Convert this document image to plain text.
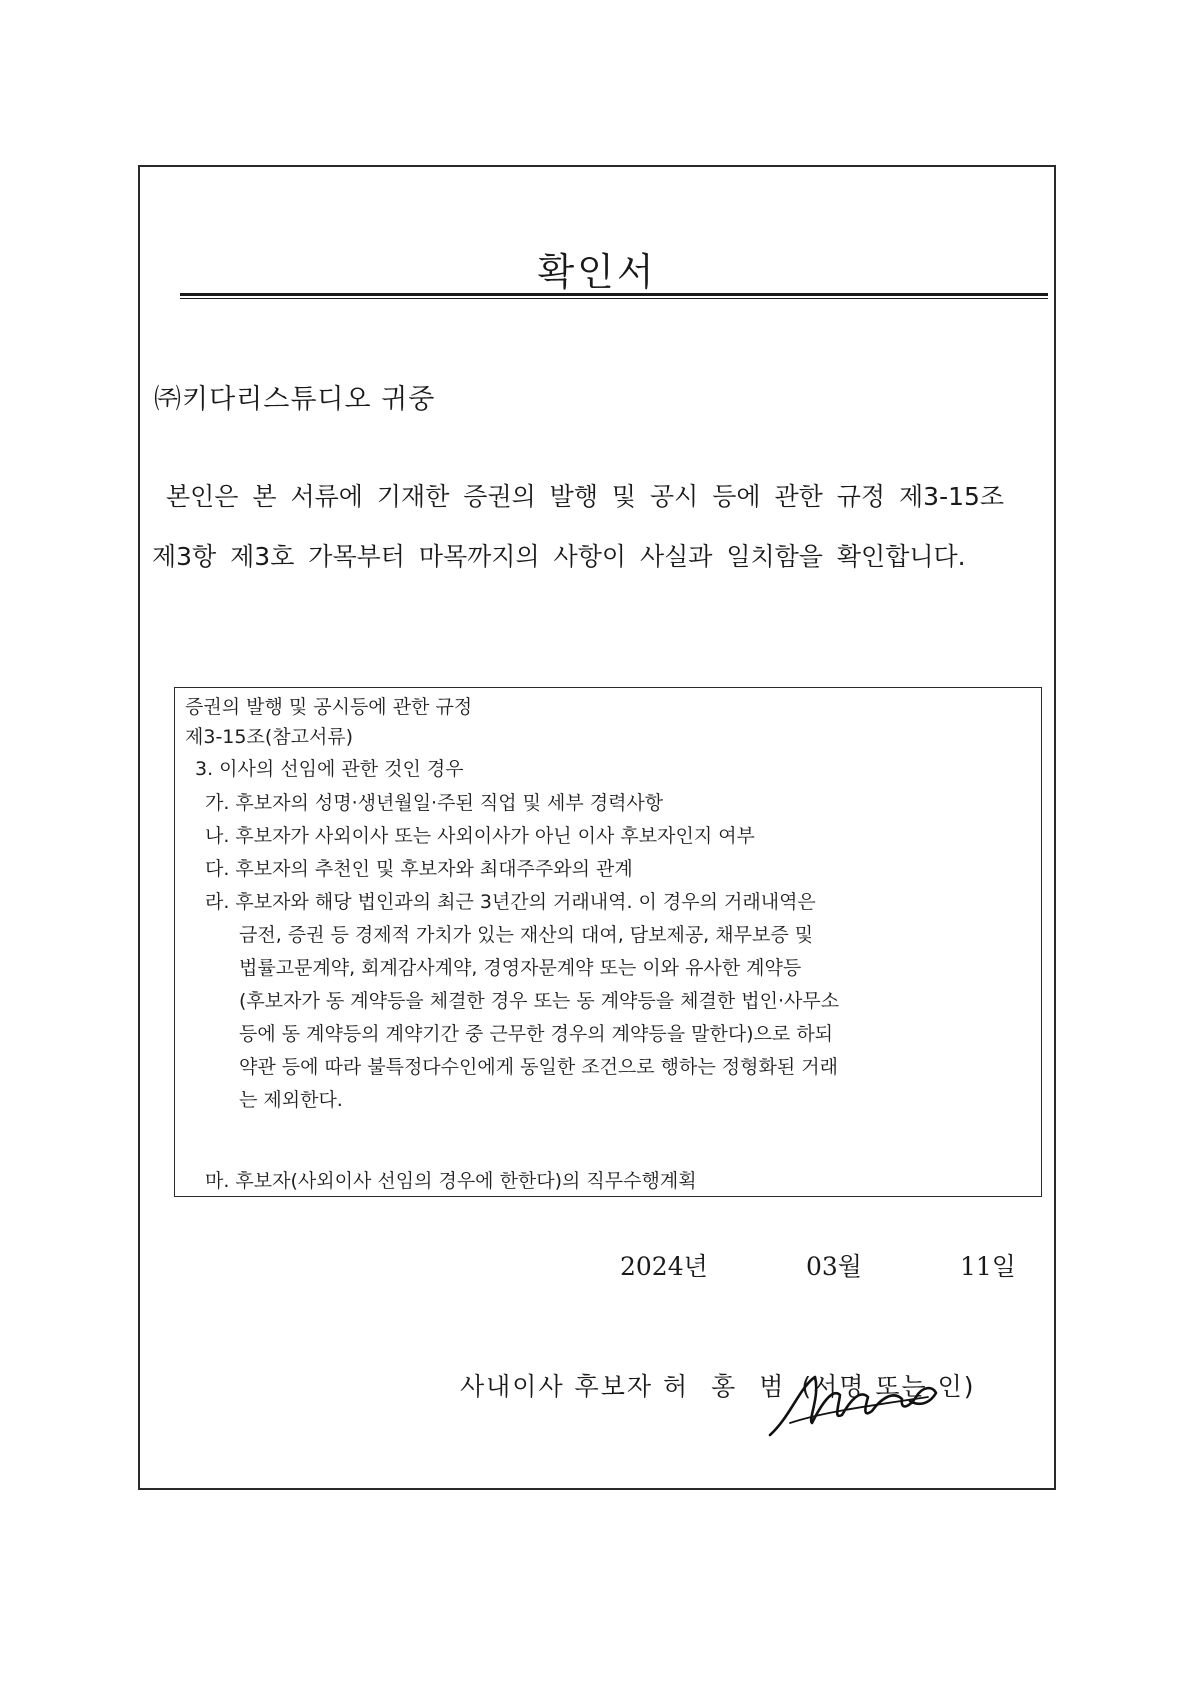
확인서
㈜키다리스튜디오 귀중
본인은 본 서류에 기재한 증권의 발행 및 공시 등에 관한 규정 제3-15조 제3항 제3호 가목부터 마목까지의 사항이 사실과 일치함을 확인합니다.
증권의 발행 및 공시등에 관한 규정
제3-15조(참고서류)
3. 이사의 선임에 관한 것인 경우
가. 후보자의 성명·생년월일·주된 직업 및 세부 경력사항
나. 후보자가 사외이사 또는 사외이사가 아닌 이사 후보자인지 여부
다. 후보자의 추천인 및 후보자와 최대주주와의 관계
라. 후보자와 해당 법인과의 최근 3년간의 거래내역. 이 경우의 거래내역은
금전, 증권 등 경제적 가치가 있는 재산의 대여, 담보제공, 채무보증 및
법률고문계약, 회계감사계약, 경영자문계약 또는 이와 유사한 계약등
(후보자가 동 계약등을 체결한 경우 또는 동 계약등을 체결한 법인·사무소
등에 동 계약등의 계약기간 중 근무한 경우의 계약등을 말한다)으로 하되
약관 등에 따라 불특정다수인에게 동일한 조건으로 행하는 정형화된 거래
는 제외한다.
마. 후보자(사외이사 선임의 경우에 한한다)의 직무수행계획
2024년	03월	11일
사내이사 후보자 허 홍 범 (서명 또는 인)
